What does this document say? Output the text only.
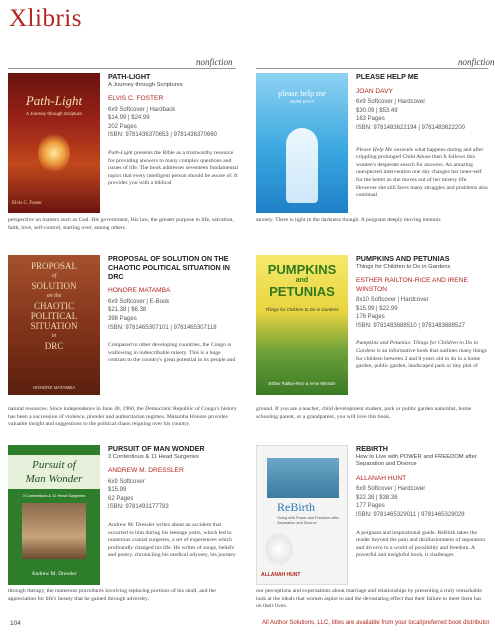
Xlibris
nonfiction	nonfiction
Path-Light
A Journey through Scripture
Elvis C. Foster
PATH-LIGHT
A Journey through Scriptures
ELVIS C. FOSTER
6x9 Softcover | Hardback
$14.99 | $24.99
202 Pages
ISBN: 9781436370653 | 9781436370660
Path-Light presents the Bible as a trustworthy resource for providing answers to many complex questions and issues of life. The book addresses seventeen fundamental topics that every intelligent person should be aware of. It provides you with a biblical
perspective on matters such as God. His government, His law, the greater purpose to life, salvation, faith, love, self-control, starting over, among others.
please help me
JOAN DAVY
PLEASE HELP ME
JOAN DAVY
6x9 Softcover | Hardcover
$30.09 | $53.49
163 Pages
ISBN: 9781483622194 | 9781483622200
Please Help Me unravels what happens during and after crippling prolonged Child Abuse then It follows this women's desperate search for answers. An amazing unexpected intervention one day changes her inner-self for the better as she moves out of her misery life. However she still faces many struggles and problems also continual
anxiety. There is light in the darkness though. A poignant deeply moving memoir.
PROPOSAL
of
SOLUTION
on the
CHAOTIC
POLITICAL
SITUATION
in
DRC
HONORE MATAMBA
PROPOSAL OF SOLUTION ON THE CHAOTIC POLITICAL SITUATION IN DRC
HONORE MATAMBA
6x9 Softcover | E-Book
$21.38 | $6.38
398 Pages
ISBN: 9781465307101 | 9781465307118
Compared to other developing countries, the Congo is wallowing in indescribable misery. This is a huge contrast to the country's great potential in its people and
natural resources. Since independence in June 30, 1960, the Democratic Republic of Congo's history has been a succession of violence, plunder and authoritarian regimes. Matamba Honore provides valuable insight and suggestions to the political chaos reigning over his country.
PUMPKINS
and
PETUNIAS
Things for Children to Do in Gardens
Esther Railton-Rice & Irene Winston
PUMPKINS AND PETUNIAS
Things for Children to Do in Gardens
ESTHER RAILTON-RICE AND IRENE WINSTON
8x10 Softcover | Hardcover
$15.99 | $22.99
176 Pages
ISBN: 9781483688510 | 9781483688527
Pumpkins and Petunias: Things for Children to Do in Gardens is an informative book that outlines many things for children between 2 and 8 years old to do in a home garden, public garden, landscaped park or tiny plot of
ground. If you are a teacher, child development student, park or public garden naturalist, home schooling parent, or a grandparent, you will love this book.
Pursuit of
Man Wonder
3 Contentious & 11 Head Surgeries
Andrew M. Dressler
PURSUIT OF MAN WONDER
3 Contentious & 11 Head Surgeries
ANDREW M. DRESSLER
6x9 Softcover
$15.99
62 Pages
ISBN: 9781493177783
Andrew M. Dressler writes about an accident that occurred to him during his teenage years, which led to numerous cranial surgeries, a set of experiences which profoundly changed his life. He writes of songs, beliefs and poetry, chronicling his medical odyssey, his journey
through therapy, the numerous procedures involving replacing portions of his skull, and the appreciation for life's beauty that he gained through adversity.
ReBirth
Going with Power and Freedom after Separation and Divorce
ALLANAH HUNT
REBIRTH
How to Live with POWER and FREEDOM after Separation and Divorce
ALLANAH HUNT
6x9 Softcover | Hardcover
$22.38 | $38.38
177 Pages
ISBN: 9781465329011 | 9781465329028
A poignant and inspirational guide. ReBirth takes the reader beyond the pain and disillusionment of separation and divorce to a world of possibility and freedom. A powerful and insightful book, it challenges
our perceptions and expectations about marriage and relationships by presenting a truly remarkable look at the ideals that women aspire to and the devastating effect that their failure to meet them has on their lives.
104	All Author Solutions, LLC, titles are available from your local/preferred book distributor
